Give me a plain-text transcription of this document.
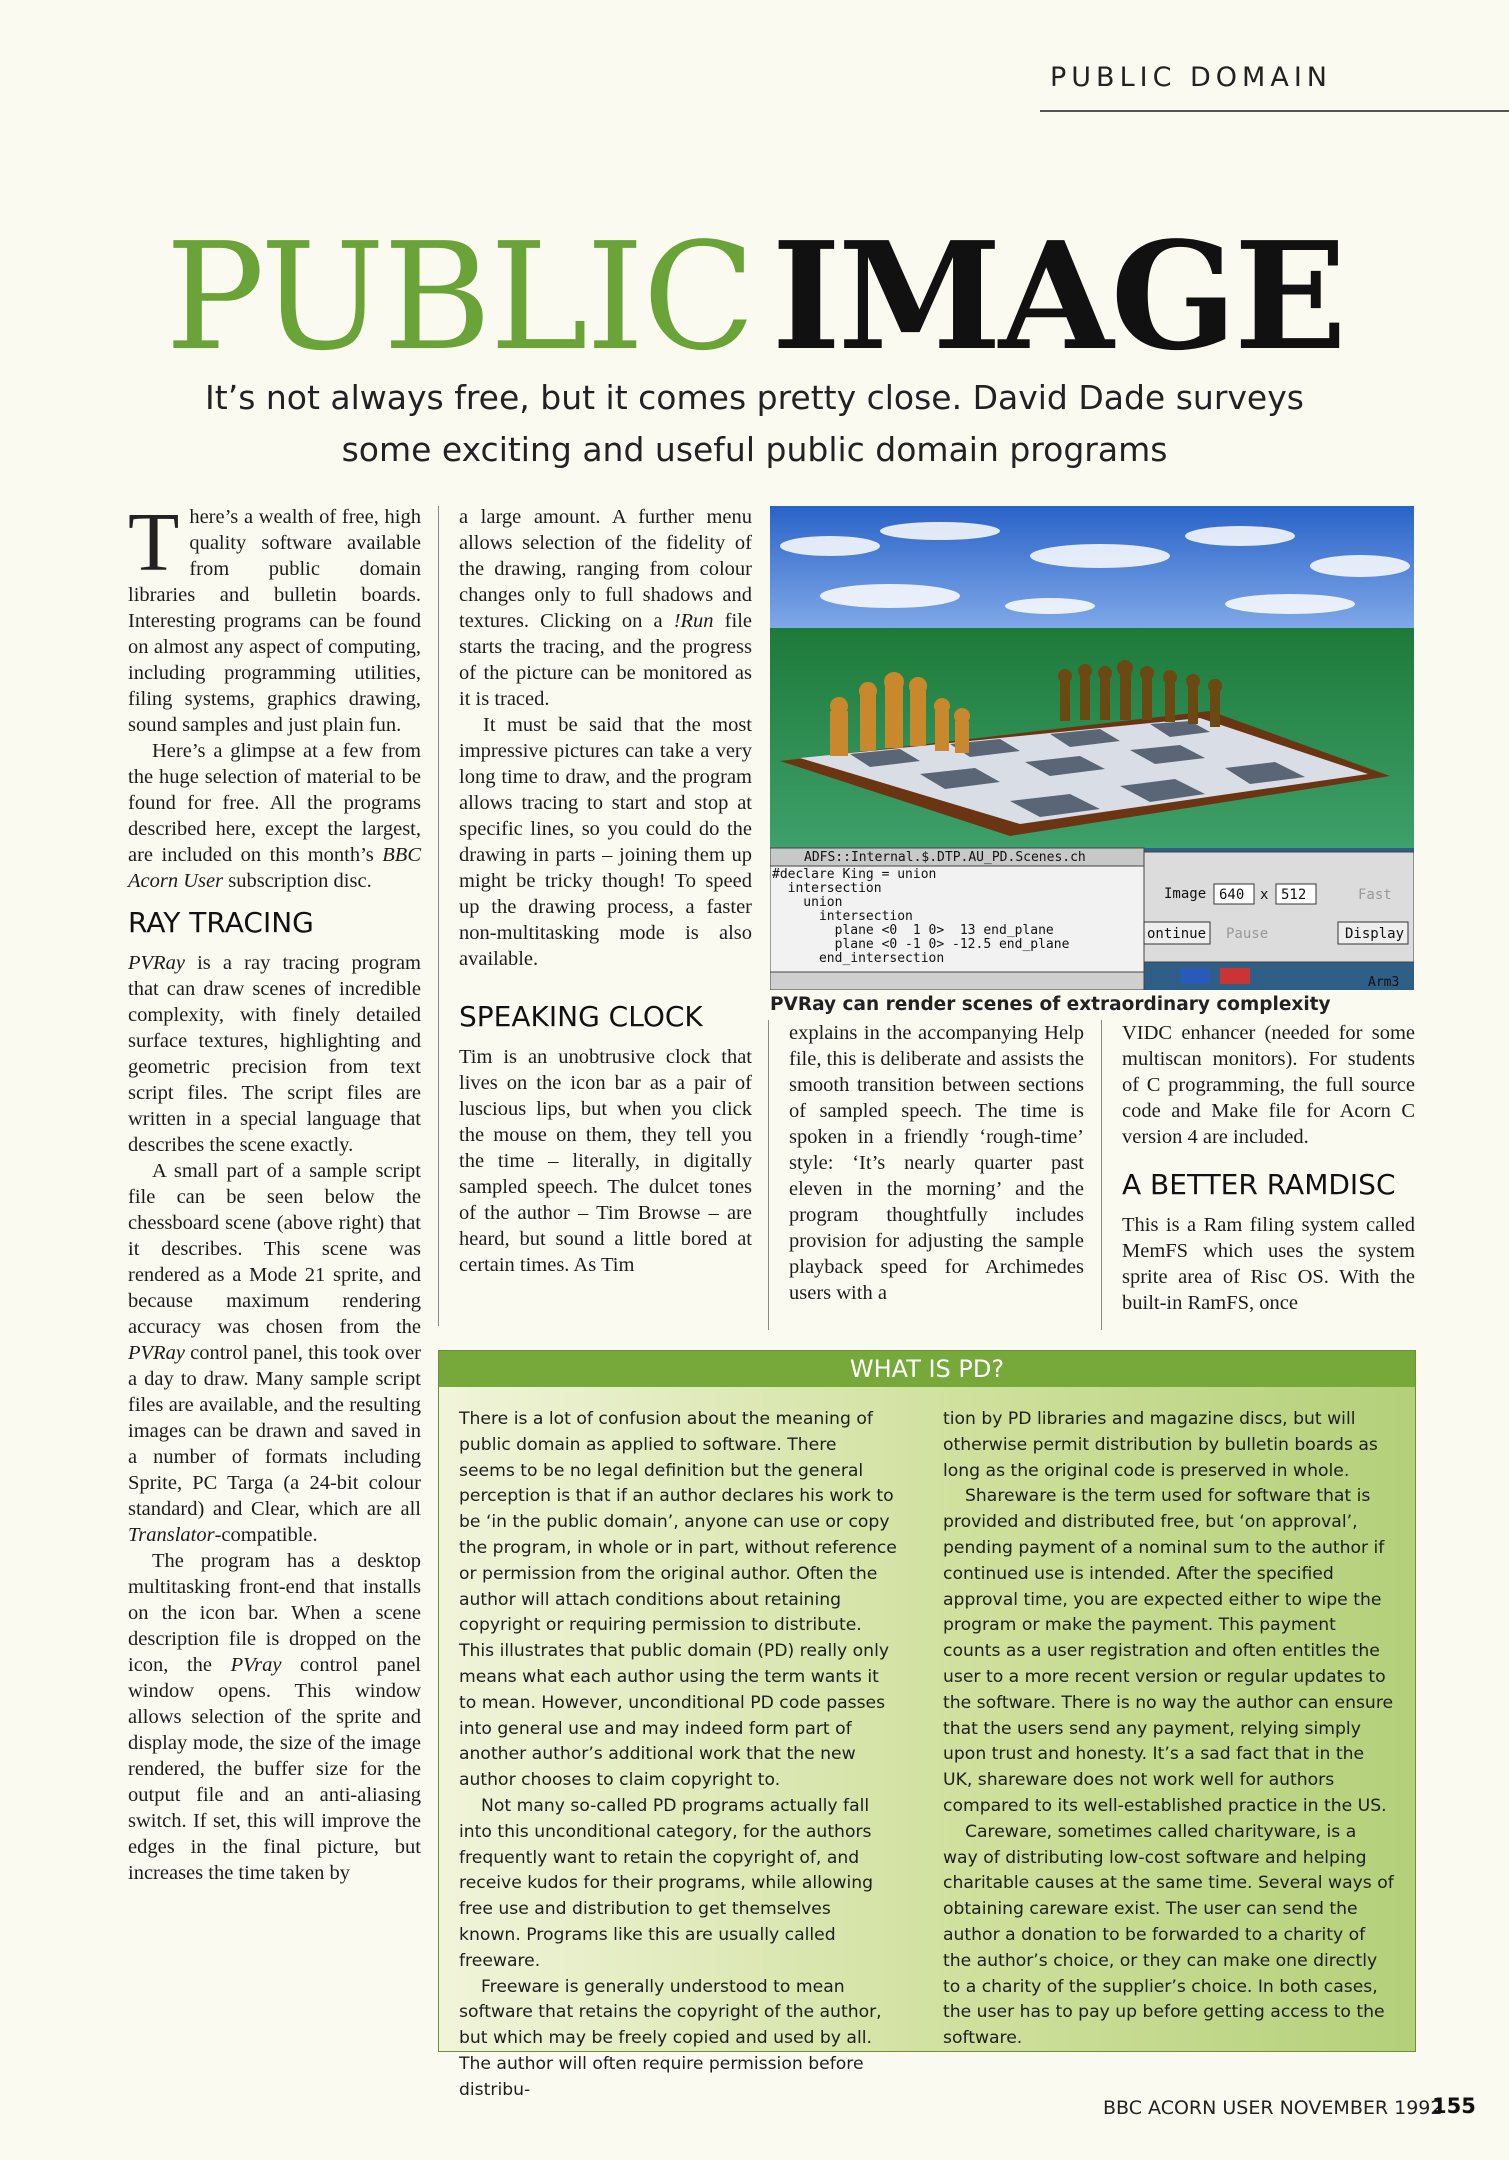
PUBLIC DOMAIN
PUBLIC IMAGE
It’s not always free, but it comes pretty close. David Dade surveys some exciting and useful public domain programs

There’s a wealth of free, high quality software available from public domain libraries and bulletin boards. Interesting programs can be found on almost any aspect of computing, including programming utilities, filing systems, graphics drawing, sound samples and just plain fun.

Here’s a glimpse at a few from the huge selection of material to be found for free. All the programs described here, except the largest, are included on this month’s BBC Acorn User subscription disc.

RAY TRACING

PVRay is a ray tracing program that can draw scenes of incredible complexity, with finely detailed surface textures, highlighting and geometric precision from text script files. The script files are written in a special language that describes the scene exactly.

A small part of a sample script file can be seen below the chessboard scene (above right) that it describes. This scene was rendered as a Mode 21 sprite, and because maximum rendering accuracy was chosen from the PVRay control panel, this took over a day to draw. Many sample script files are available, and the resulting images can be drawn and saved in a number of formats including Sprite, PC Targa (a 24-bit colour standard) and Clear, which are all Translator-compatible.

The program has a desktop multitasking front-end that installs on the icon bar. When a scene description file is dropped on the icon, the PVray control panel window opens. This window allows selection of the sprite and display mode, the size of the image rendered, the buffer size for the output file and an anti-aliasing switch. If set, this will improve the edges in the final picture, but increases the time taken by

a large amount. A further menu allows selection of the fidelity of the drawing, ranging from colour changes only to full shadows and textures. Clicking on a !Run file starts the tracing, and the progress of the picture can be monitored as it is traced.

It must be said that the most impressive pictures can take a very long time to draw, and the program allows tracing to start and stop at specific lines, so you could do the drawing in parts – joining them up might be tricky though! To speed up the drawing process, a faster non-multitasking mode is also available.

SPEAKING CLOCK

Tim is an unobtrusive clock that lives on the icon bar as a pair of luscious lips, but when you click the mouse on them, they tell you the time – literally, in digitally sampled speech. The dulcet tones of the author – Tim Browse – are heard, but sound a little bored at certain times. As Tim

ADFS::Internal.$.DTP.AU_PD.Scenes.ch
#declare King = union
intersection
union
intersection
plane <0  1 0>  13 end_plane
plane <0 -1 0> -12.5 end_plane
end_intersection
Image 640 x 512	Fast
ontinue Pause	Display
Arm3
PVRay can render scenes of extraordinary complexity

explains in the accompanying Help file, this is deliberate and assists the smooth transition between sections of sampled speech. The time is spoken in a friendly ‘rough-time’ style: ‘It’s nearly quarter past eleven in the morning’ and the program thoughtfully includes provision for adjusting the sample playback speed for Archimedes users with a

VIDC enhancer (needed for some multiscan monitors). For students of C programming, the full source code and Make file for Acorn C version 4 are included.

A BETTER RAMDISC

This is a Ram filing system called MemFS which uses the system sprite area of Risc OS. With the built-in RamFS, once

WHAT IS PD?

There is a lot of confusion about the meaning of public domain as applied to software. There seems to be no legal definition but the general perception is that if an author declares his work to be ‘in the public domain’, anyone can use or copy the program, in whole or in part, without reference or permission from the original author. Often the author will attach conditions about retaining copyright or requiring permission to distribute. This illustrates that public domain (PD) really only means what each author using the term wants it to mean. However, unconditional PD code passes into general use and may indeed form part of another author’s additional work that the new author chooses to claim copyright to.

Not many so-called PD programs actually fall into this unconditional category, for the authors frequently want to retain the copyright of, and receive kudos for their programs, while allowing free use and distribution to get themselves known. Programs like this are usually called freeware.

Freeware is generally understood to mean software that retains the copyright of the author, but which may be freely copied and used by all. The author will often require permission before distribu-

tion by PD libraries and magazine discs, but will otherwise permit distribution by bulletin boards as long as the original code is preserved in whole.

Shareware is the term used for software that is provided and distributed free, but ‘on approval’, pending payment of a nominal sum to the author if continued use is intended. After the specified approval time, you are expected either to wipe the program or make the payment. This payment counts as a user registration and often entitles the user to a more recent version or regular updates to the software. There is no way the author can ensure that the users send any payment, relying simply upon trust and honesty. It’s a sad fact that in the UK, shareware does not work well for authors compared to its well-established practice in the US.

Careware, sometimes called charityware, is a way of distributing low-cost software and helping charitable causes at the same time. Several ways of obtaining careware exist. The user can send the author a donation to be forwarded to a charity of the author’s choice, or they can make one directly to a charity of the supplier’s choice. In both cases, the user has to pay up before getting access to the software.

BBC ACORN USER NOVEMBER 1992
155
